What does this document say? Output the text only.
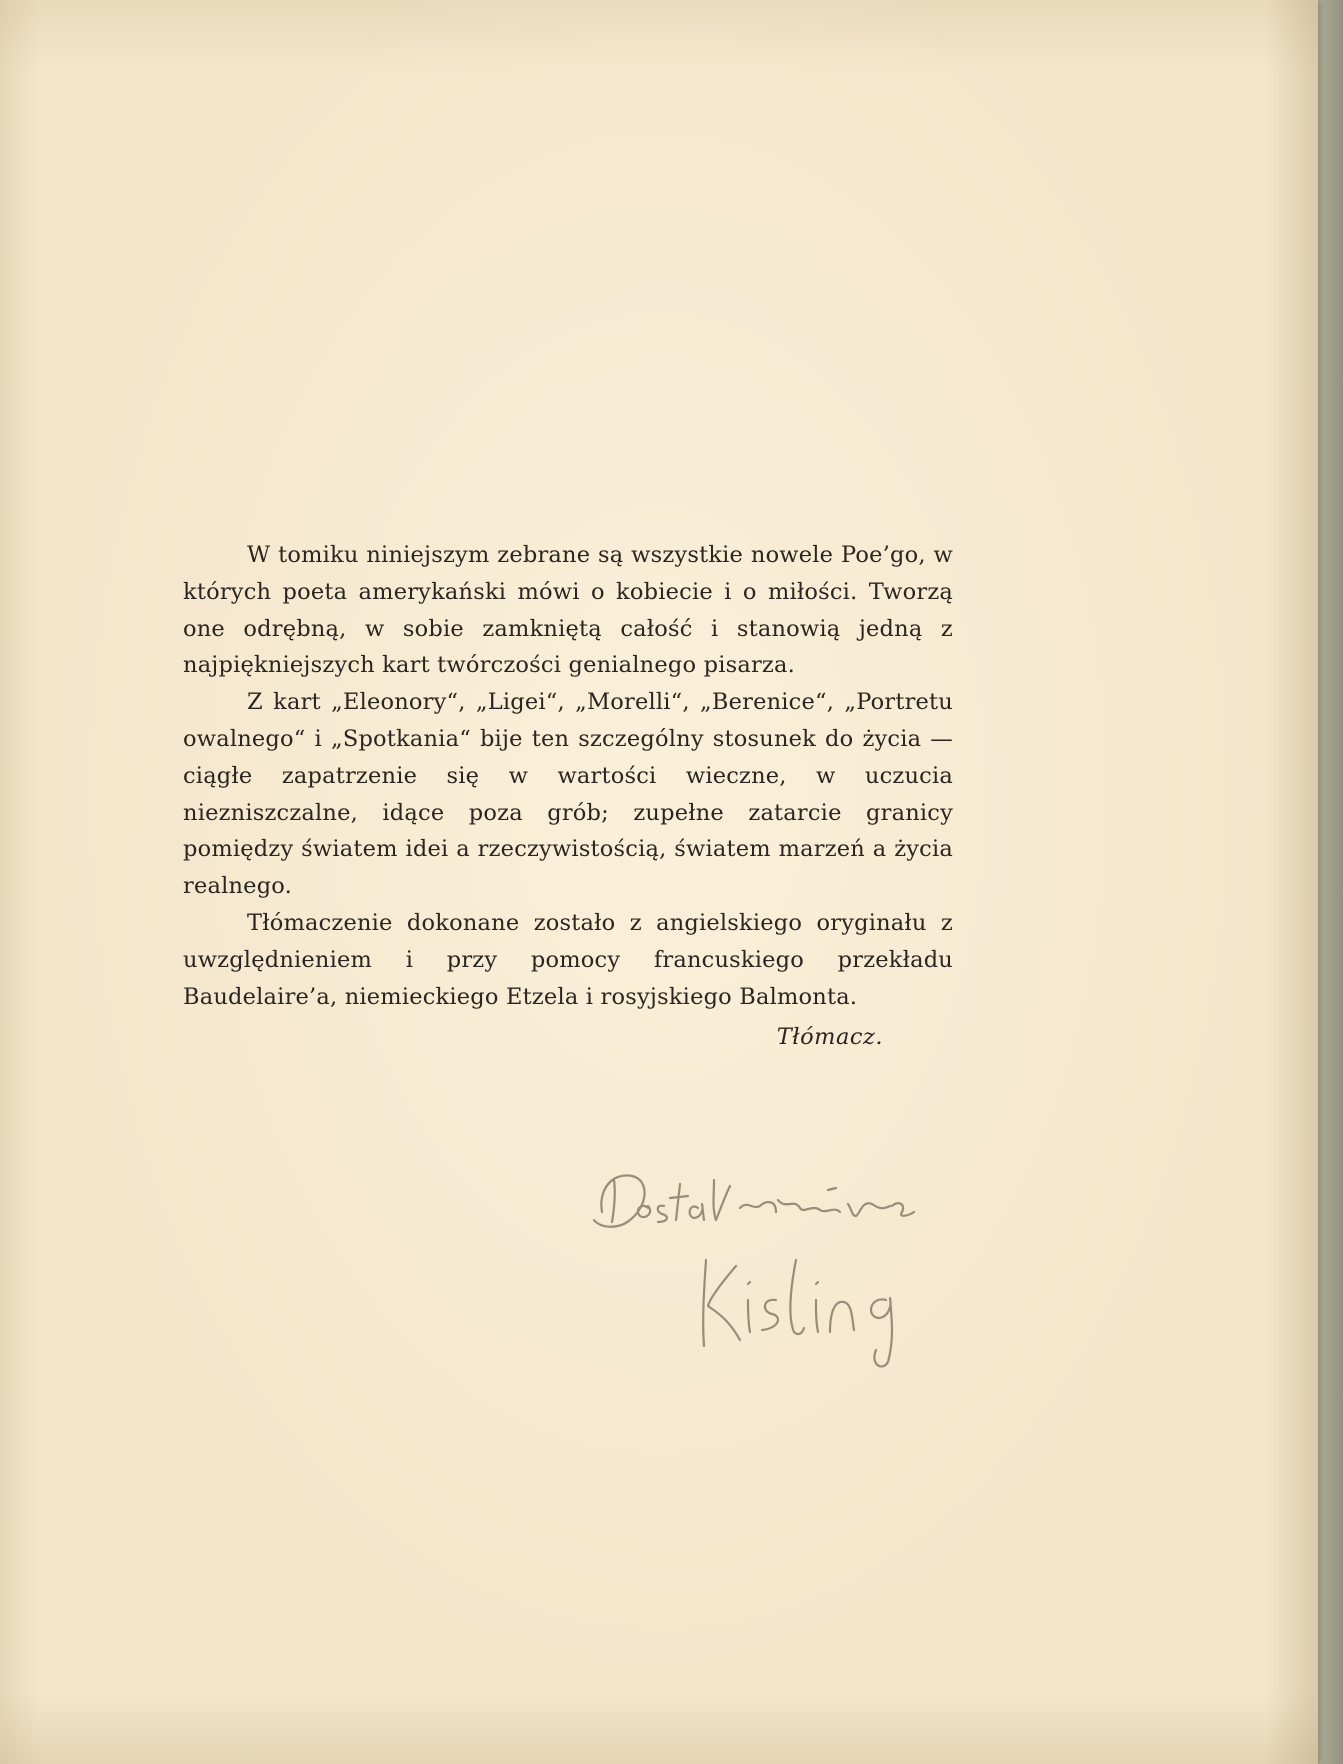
W tomiku niniejszym zebrane są wszystkie nowele Poe’go, w których poeta amerykański mówi o kobiecie i o miłości. Tworzą one odrębną, w sobie zamkniętą całość i stanowią jedną z najpiękniejszych kart twórczości genialnego pisarza.

Z kart „Eleonory“, „Ligei“, „Morelli“, „Berenice“, „Portretu owalnego“ i „Spotkania“ bije ten szczególny stosunek do życia — ciągłe zapatrzenie się w wartości wieczne, w uczucia niezniszczalne, idące poza grób; zupełne zatarcie granicy pomiędzy światem idei a rzeczywistością, światem marzeń a życia realnego.

Tłómaczenie dokonane zostało z angielskiego oryginału z uwzględnieniem i przy pomocy francuskiego przekładu Baudelaire’a, niemieckiego Etzela i rosyjskiego Balmonta.

Tłómacz.
